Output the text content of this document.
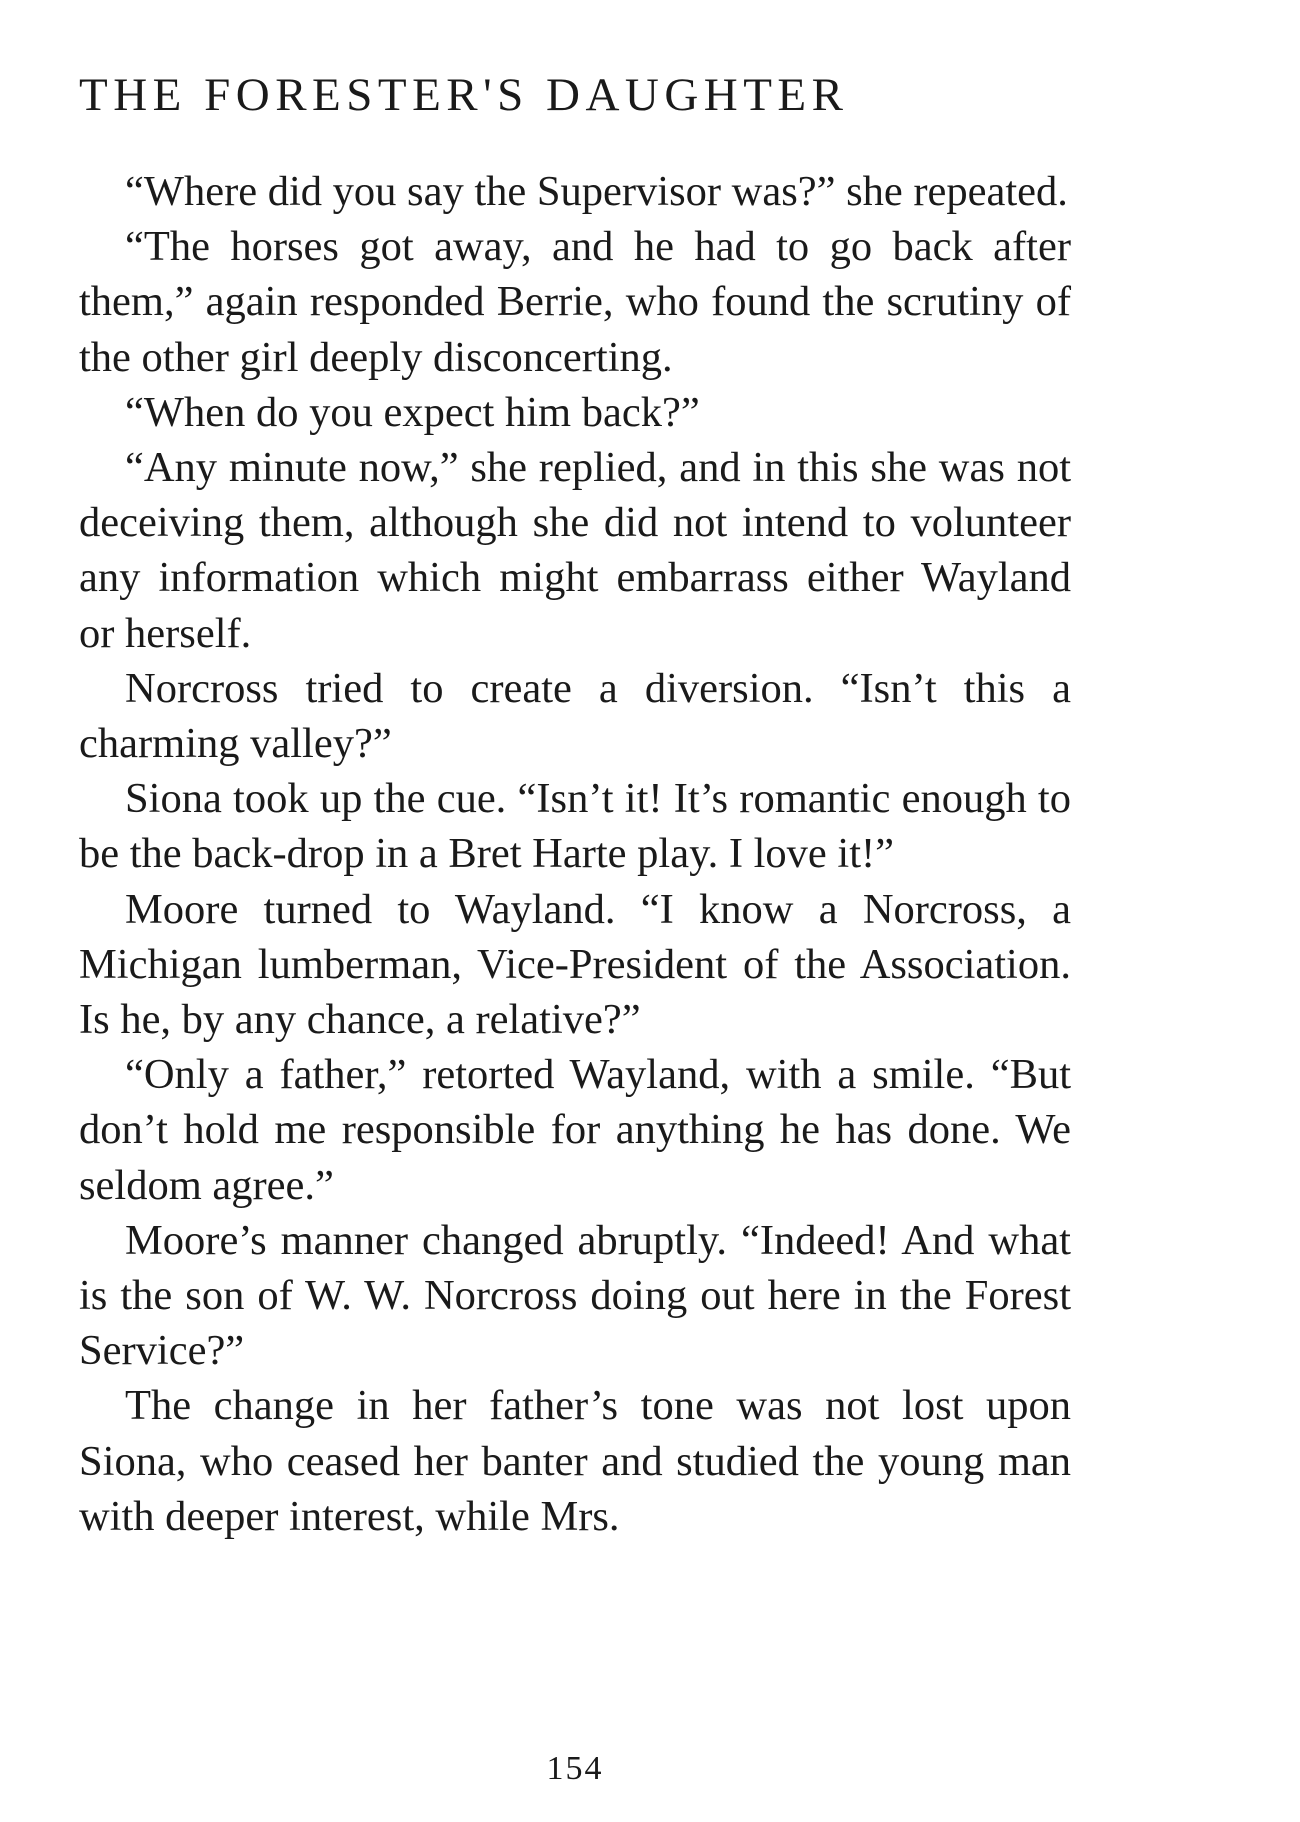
THE FORESTER'S DAUGHTER

“Where did you say the Supervisor was?” she repeated.

“The horses got away, and he had to go back after them,” again responded Berrie, who found the scrutiny of the other girl deeply disconcerting.

“When do you expect him back?”

“Any minute now,” she replied, and in this she was not deceiving them, although she did not intend to volunteer any information which might embarrass either Wayland or herself.

Norcross tried to create a diversion. “Isn’t this a charming valley?”

Siona took up the cue. “Isn’t it! It’s romantic enough to be the back-drop in a Bret Harte play. I love it!”

Moore turned to Wayland. “I know a Norcross, a Michigan lumberman, Vice-President of the Association. Is he, by any chance, a relative?”

“Only a father,” retorted Wayland, with a smile. “But don’t hold me responsible for anything he has done. We seldom agree.”

Moore’s manner changed abruptly. “Indeed! And what is the son of W. W. Norcross doing out here in the Forest Service?”

The change in her father’s tone was not lost upon Siona, who ceased her banter and studied the young man with deeper interest, while Mrs.

154
